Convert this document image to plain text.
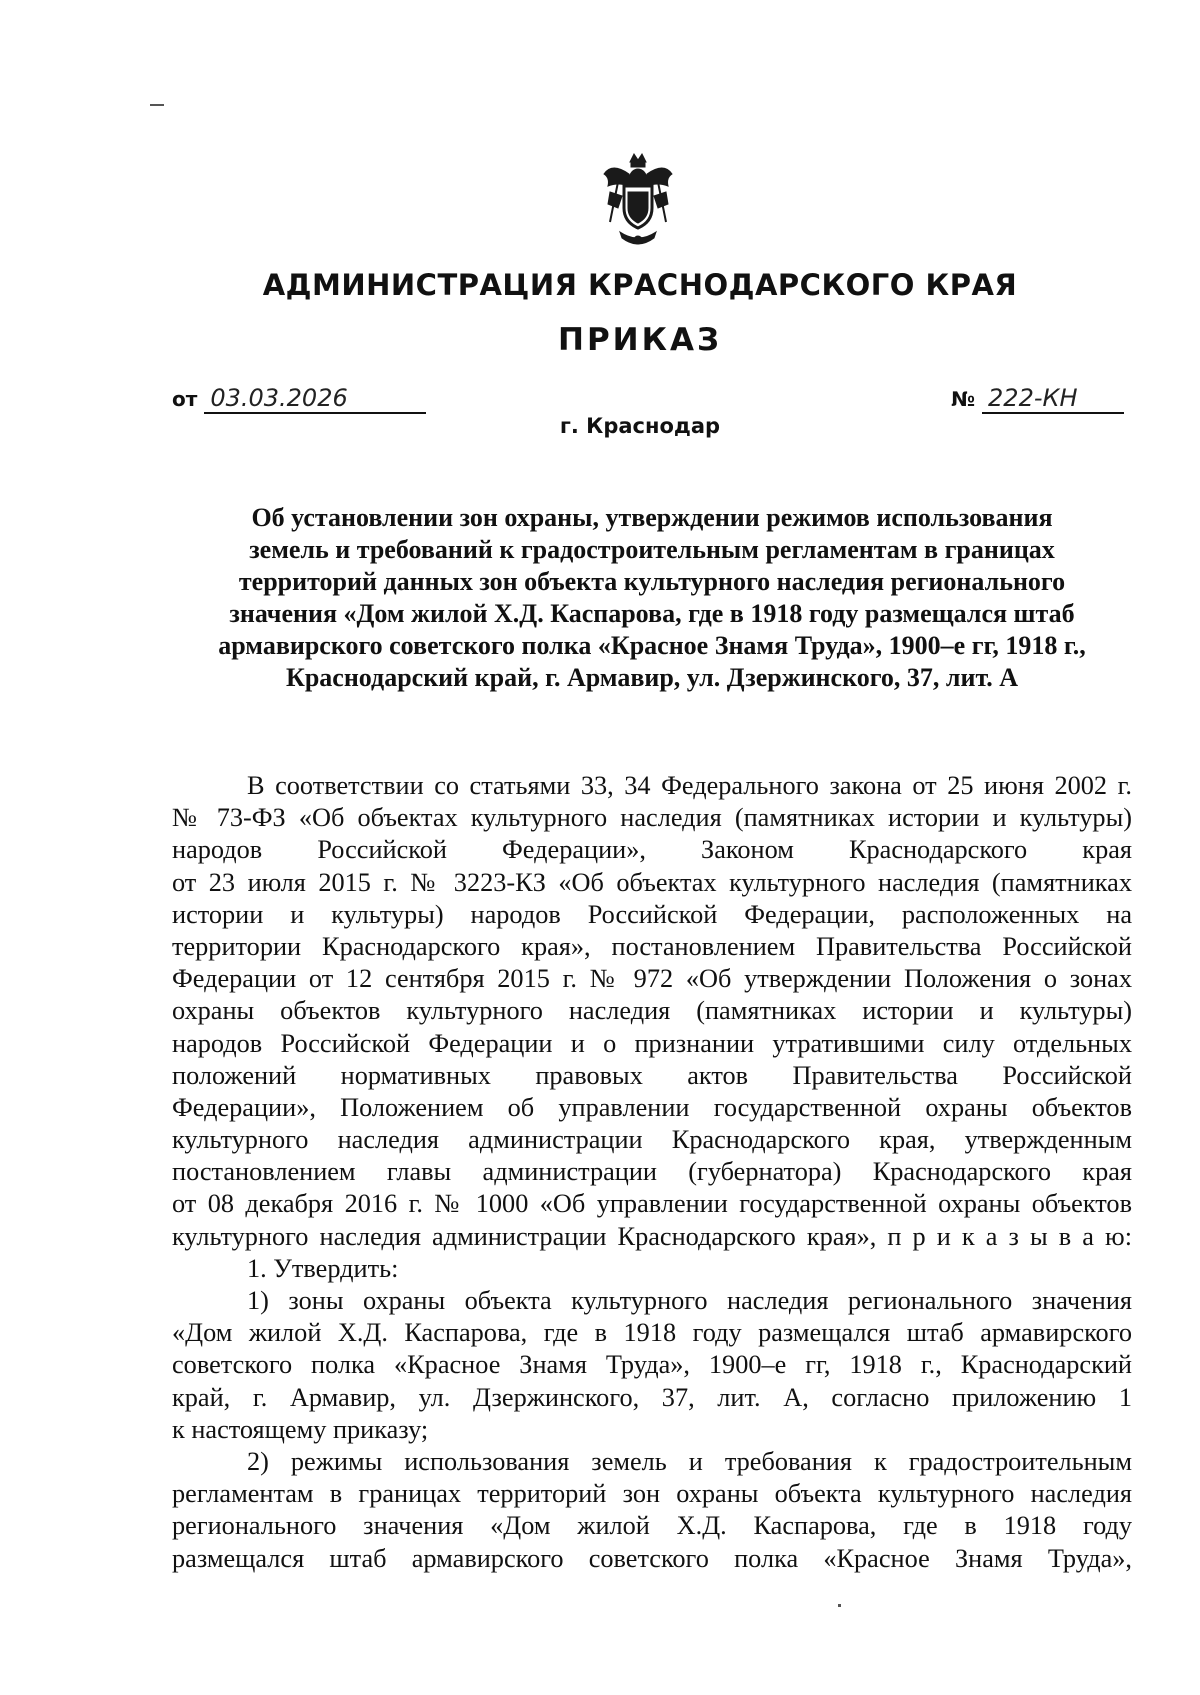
АДМИНИСТРАЦИЯ КРАСНОДАРСКОГО КРАЯ
ПРИКАЗ
от 03.03.2026	№ 222-КН
г. Краснодар
Об установлении зон охраны, утверждении режимов использования
земель и требований к градостроительным регламентам в границах
территорий данных зон объекта культурного наследия регионального
значения «Дом жилой Х.Д. Каспарова, где в 1918 году размещался штаб
армавирского советского полка «Красное Знамя Труда», 1900–е гг, 1918 г.,
Краснодарский край, г. Армавир, ул. Дзержинского, 37, лит. А
В соответствии со статьями 33, 34 Федерального закона от 25 июня 2002 г.
№ 73-ФЗ «Об объектах культурного наследия (памятниках истории и культуры)
народов Российской Федерации», Законом Краснодарского края
от 23 июля 2015 г. № 3223-КЗ «Об объектах культурного наследия (памятниках
истории и культуры) народов Российской Федерации, расположенных на
территории Краснодарского края», постановлением Правительства Российской
Федерации от 12 сентября 2015 г. № 972 «Об утверждении Положения о зонах
охраны объектов культурного наследия (памятниках истории и культуры)
народов Российской Федерации и о признании утратившими силу отдельных
положений нормативных правовых актов Правительства Российской
Федерации», Положением об управлении государственной охраны объектов
культурного наследия администрации Краснодарского края, утвержденным
постановлением главы администрации (губернатора) Краснодарского края
от 08 декабря 2016 г. № 1000 «Об управлении государственной охраны объектов
культурного наследия администрации Краснодарского края», п р и к а з ы в а ю:
1. Утвердить:
1) зоны охраны объекта культурного наследия регионального значения
«Дом жилой Х.Д. Каспарова, где в 1918 году размещался штаб армавирского
советского полка «Красное Знамя Труда», 1900–е гг, 1918 г., Краснодарский
край, г. Армавир, ул. Дзержинского, 37, лит. А, согласно приложению 1
к настоящему приказу;
2) режимы использования земель и требования к градостроительным
регламентам в границах территорий зон охраны объекта культурного наследия
регионального значения «Дом жилой Х.Д. Каспарова, где в 1918 году
размещался штаб армавирского советского полка «Красное Знамя Труда»,
